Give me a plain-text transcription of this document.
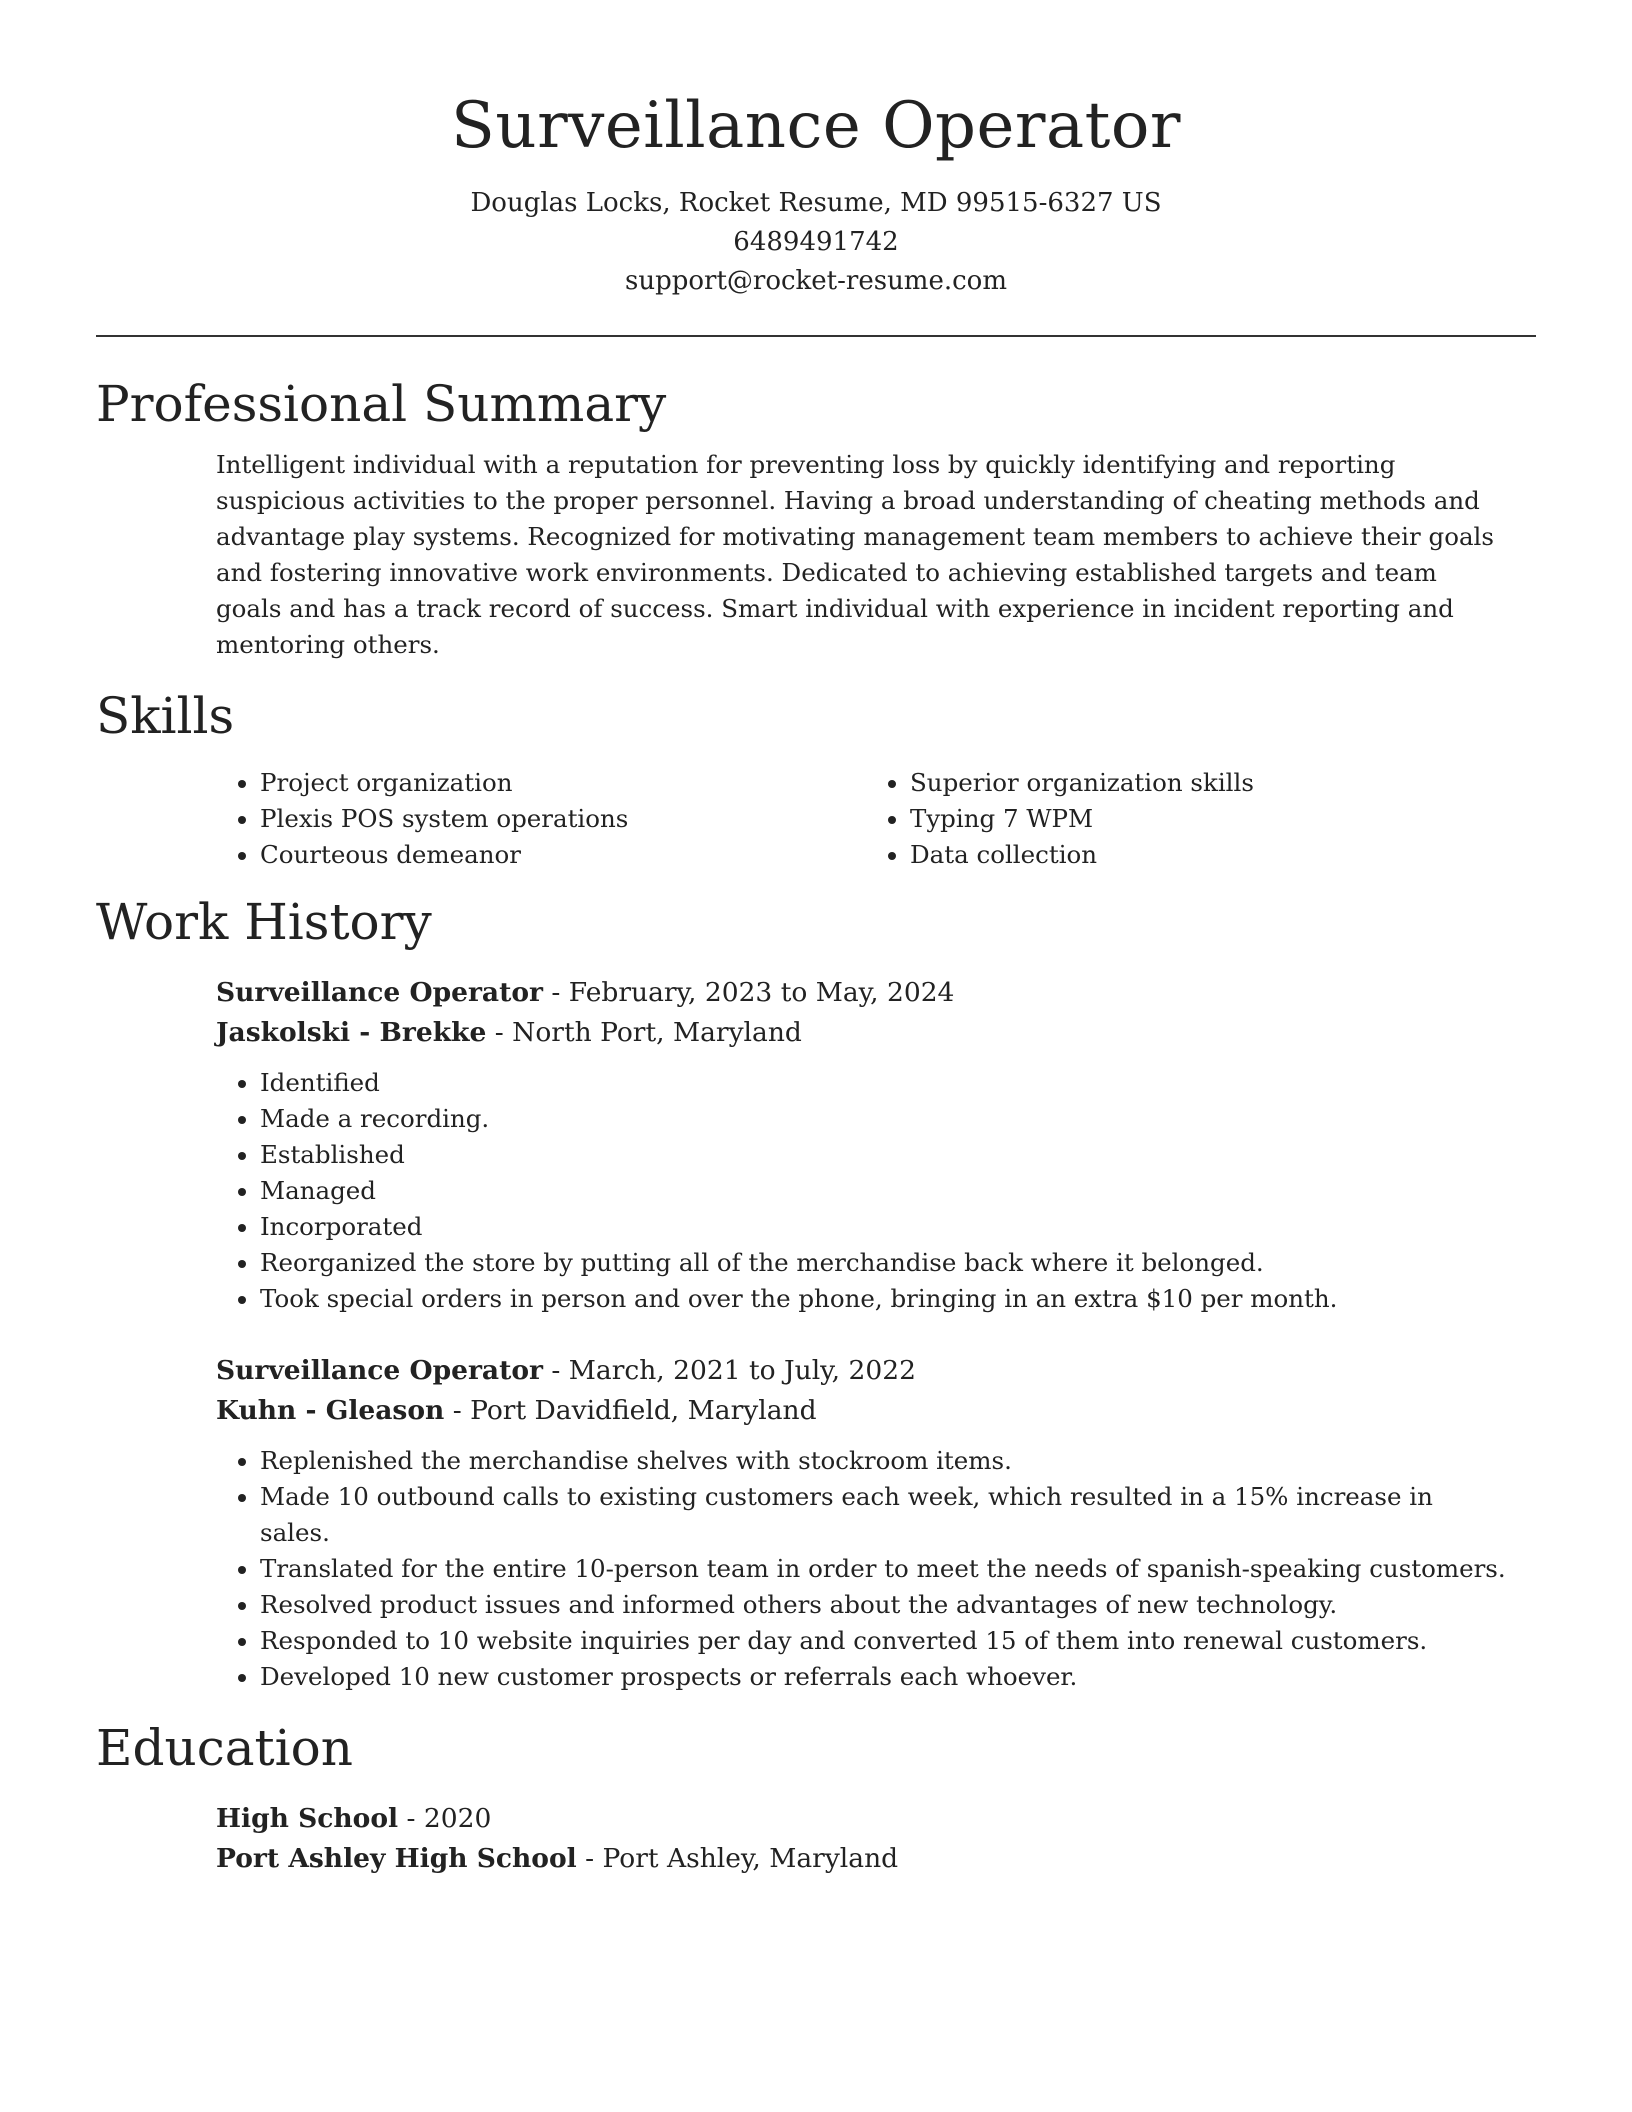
Surveillance Operator
Douglas Locks, Rocket Resume, MD 99515-6327 US
6489491742
support@rocket-resume.com
Professional Summary
Intelligent individual with a reputation for preventing loss by quickly identifying and reporting suspicious activities to the proper personnel. Having a broad understanding of cheating methods and advantage play systems. Recognized for motivating management team members to achieve their goals and fostering innovative work environments. Dedicated to achieving established targets and team goals and has a track record of success. Smart individual with experience in incident reporting and mentoring others.
Skills
• Project organization
• Plexis POS system operations
• Courteous demeanor
• Superior organization skills
• Typing 7 WPM
• Data collection
Work History
Surveillance Operator - February, 2023 to May, 2024
Jaskolski - Brekke - North Port, Maryland
• Identified
• Made a recording.
• Established
• Managed
• Incorporated
• Reorganized the store by putting all of the merchandise back where it belonged.
• Took special orders in person and over the phone, bringing in an extra $10 per month.
Surveillance Operator - March, 2021 to July, 2022
Kuhn - Gleason - Port Davidfield, Maryland
• Replenished the merchandise shelves with stockroom items.
• Made 10 outbound calls to existing customers each week, which resulted in a 15% increase in sales.
• Translated for the entire 10-person team in order to meet the needs of spanish-speaking customers.
• Resolved product issues and informed others about the advantages of new technology.
• Responded to 10 website inquiries per day and converted 15 of them into renewal customers.
• Developed 10 new customer prospects or referrals each whoever.
Education
High School - 2020
Port Ashley High School - Port Ashley, Maryland
